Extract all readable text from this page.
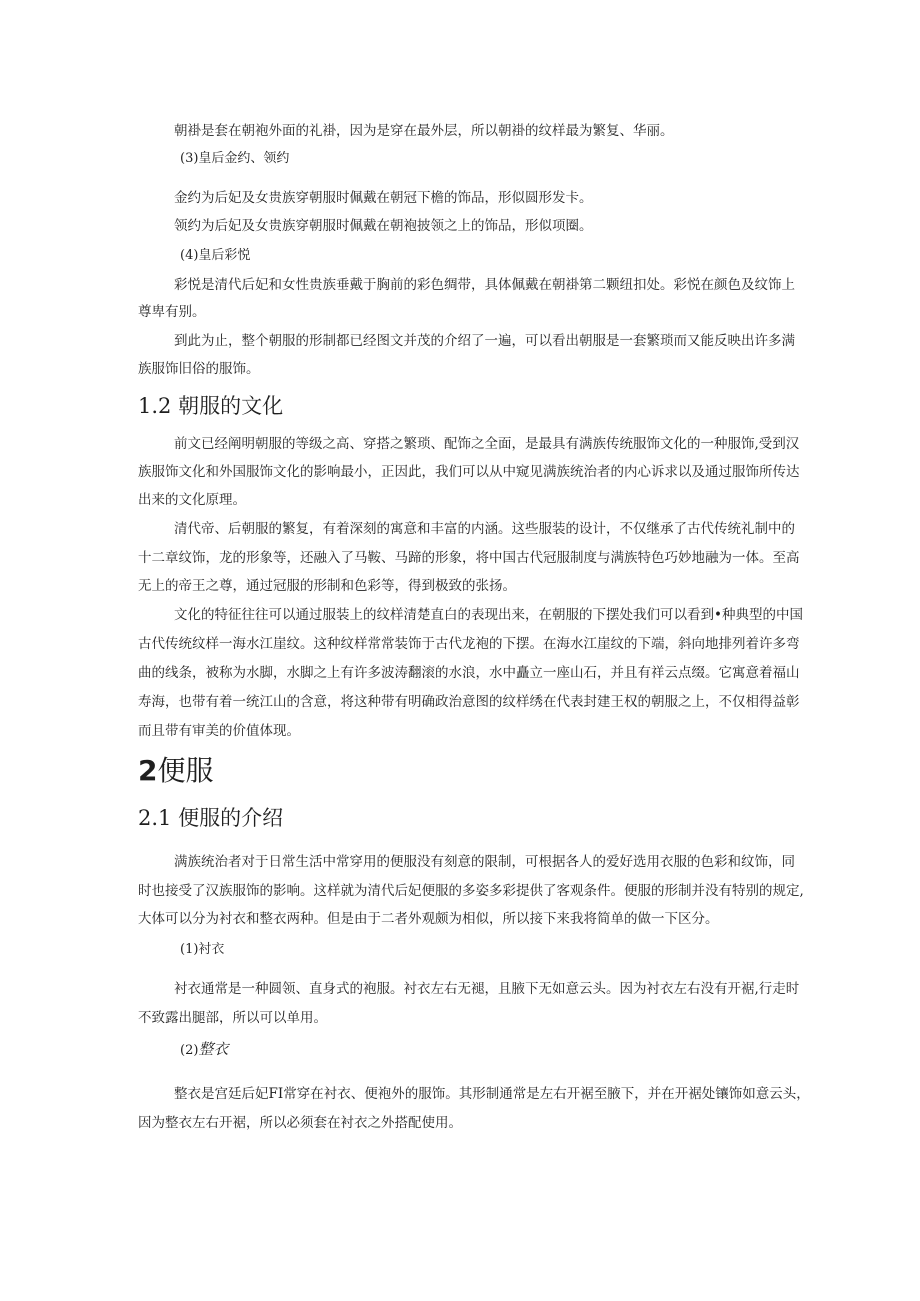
朝褂是套在朝袍外面的礼褂，因为是穿在最外层，所以朝褂的纹样最为繁复、华丽。
(3)皇后金约、领约
金约为后妃及女贵族穿朝服时佩戴在朝冠下檐的饰品，形似圆形发卡。
领约为后妃及女贵族穿朝服时佩戴在朝袍披领之上的饰品，形似项圈。
(4)皇后彩悦
彩悦是清代后妃和女性贵族垂戴于胸前的彩色绸带，具体佩戴在朝褂第二颗纽扣处。彩悦在颜色及纹饰上
尊卑有别。
到此为止，整个朝服的形制都已经图文并茂的介绍了一遍，可以看出朝服是一套繁琐而又能反映出许多满
族服饰旧俗的服饰。
1.2 朝服的文化
前文已经阐明朝服的等级之高、穿搭之繁琐、配饰之全面，是最具有满族传统服饰文化的一种服饰,受到汉
族服饰文化和外国服饰文化的影响最小，正因此，我们可以从中窥见满族统治者的内心诉求以及通过服饰所传达
出来的文化原理。
清代帝、后朝服的繁复，有着深刻的寓意和丰富的内涵。这些服装的设计，不仅继承了古代传统礼制中的
十二章纹饰，龙的形象等，还融入了马鞍、马蹄的形象，将中国古代冠服制度与满族特色巧妙地融为一体。至高
无上的帝王之尊，通过冠服的形制和色彩等，得到极致的张扬。
文化的特征往往可以通过服装上的纹样清楚直白的表现出来，在朝服的下摆处我们可以看到•种典型的中国
古代传统纹样一海水江崖纹。这种纹样常常装饰于古代龙袍的下摆。在海水江崖纹的下端，斜向地排列着许多弯
曲的线条，被称为水脚，水脚之上有许多波涛翻滚的水浪，水中矗立一座山石，并且有祥云点缀。它寓意着福山
寿海，也带有着一统江山的含意，将这种带有明确政治意图的纹样绣在代表封建王权的朝服之上，不仅相得益彰
而且带有审美的价值体现。
2便服
2.1 便服的介绍
满族统治者对于日常生活中常穿用的便服没有刻意的限制，可根据各人的爱好选用衣服的色彩和纹饰，同
时也接受了汉族服饰的影响。这样就为清代后妃便服的多姿多彩提供了客观条件。便服的形制并没有特别的规定,
大体可以分为衬衣和整衣两种。但是由于二者外观颇为相似，所以接下来我将简单的做一下区分。
(1)衬衣
衬衣通常是一种圆领、直身式的袍服。衬衣左右无褪，且腋下无如意云头。因为衬衣左右没有开裾,行走时
不致露出腿部，所以可以单用。
(2)整衣
整衣是宫廷后妃FI常穿在衬衣、便袍外的服饰。其形制通常是左右开裾至腋下，并在开裾处镶饰如意云头，
因为整衣左右开裾，所以必须套在衬衣之外搭配使用。
